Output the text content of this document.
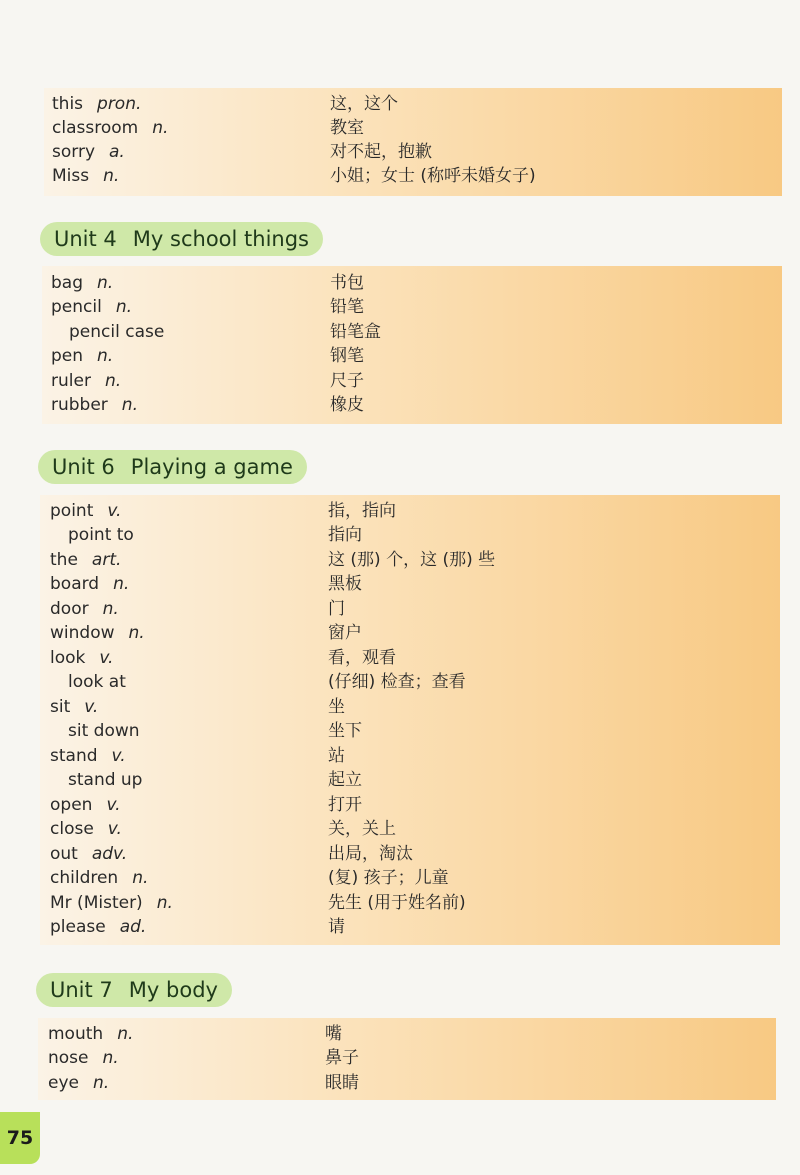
this pron.	这，这个
classroom n.	教室
sorry a.	对不起，抱歉
Miss n.	小姐；女士 (称呼未婚女子)
Unit 4 My school things
bag n.	书包
pencil n.	铅笔
pencil case	铅笔盒
pen n.	钢笔
ruler n.	尺子
rubber n.	橡皮
Unit 6 Playing a game
point v.	指，指向
point to	指向
the art.	这 (那) 个，这 (那) 些
board n.	黑板
door n.	门
window n.	窗户
look v.	看，观看
look at	(仔细) 检查；查看
sit v.	坐
sit down	坐下
stand v.	站
stand up	起立
open v.	打开
close v.	关，关上
out adv.	出局，淘汰
children n.	(复) 孩子；儿童
Mr (Mister) n.	先生 (用于姓名前)
please ad.	请
Unit 7 My body
mouth n.	嘴
nose n.	鼻子
eye n.	眼睛
75
